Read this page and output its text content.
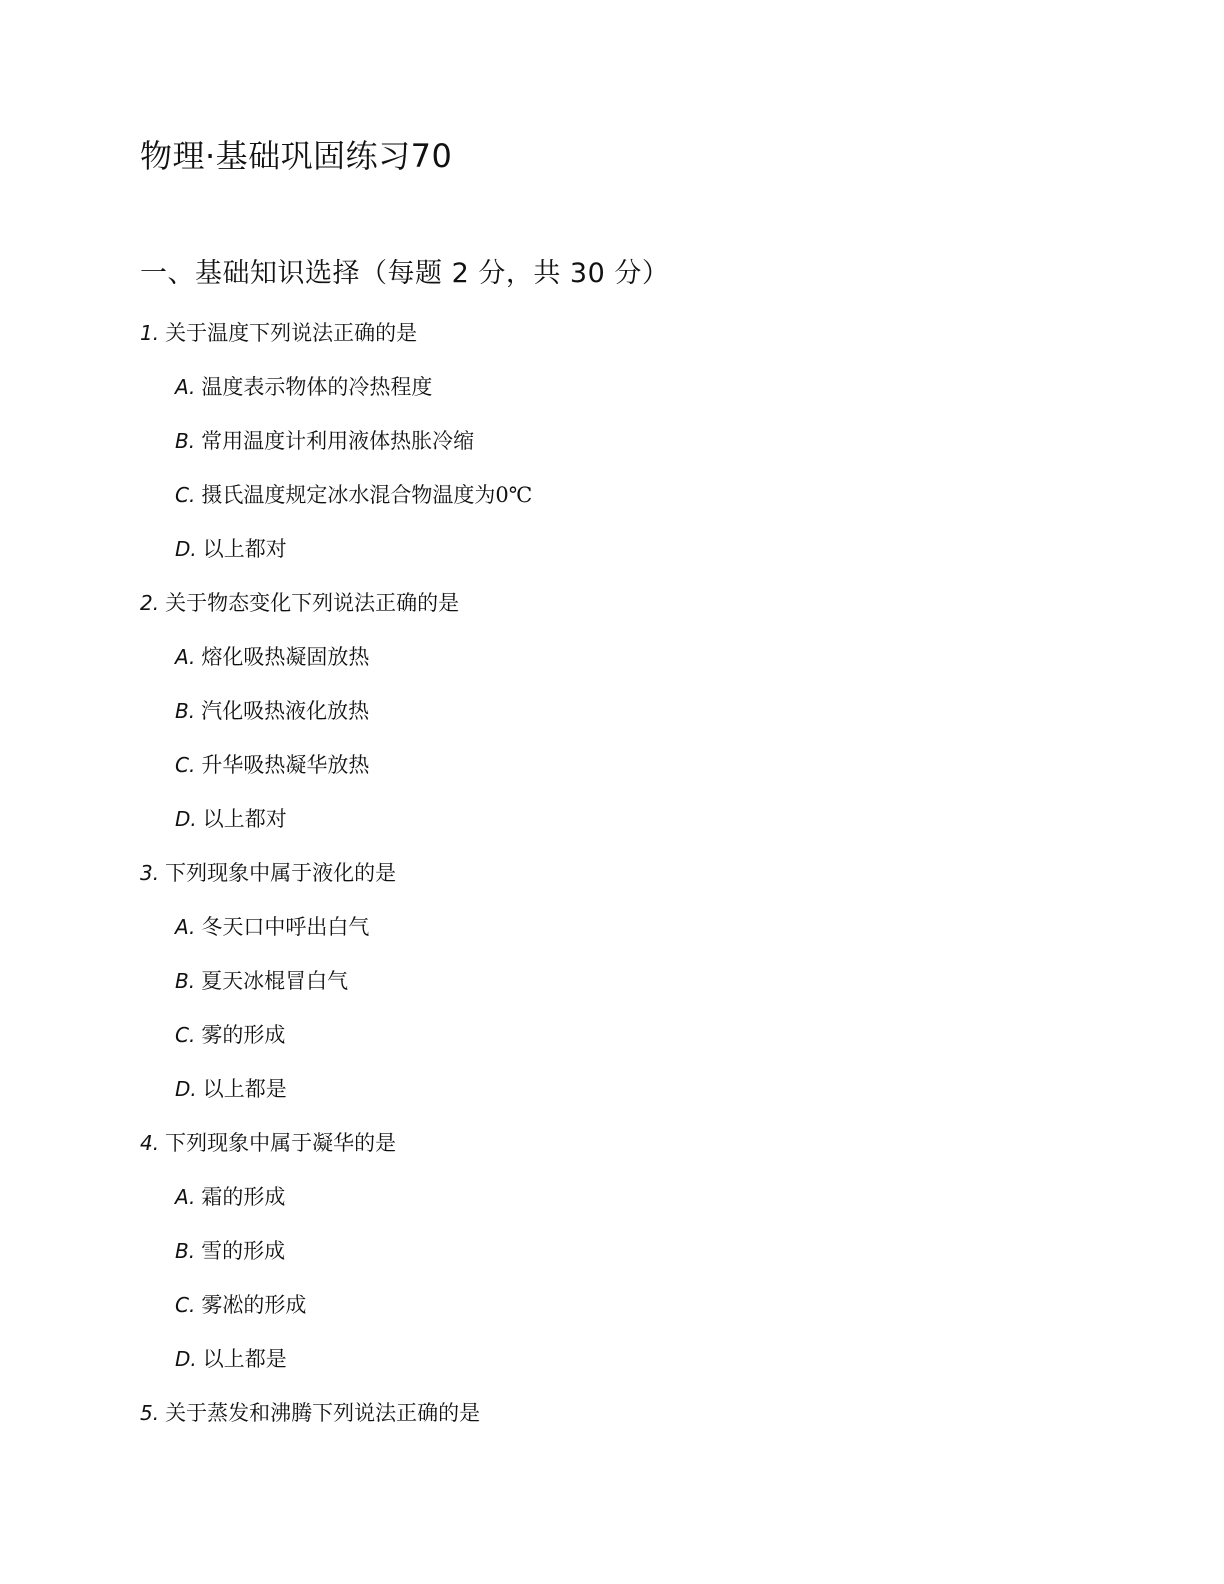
物理·基础巩固练习70
一、基础知识选择（每题 2 分，共 30 分）
1. 关于温度下列说法正确的是
A. 温度表示物体的冷热程度
B. 常用温度计利用液体热胀冷缩
C. 摄氏温度规定冰水混合物温度为0℃
D. 以上都对
2. 关于物态变化下列说法正确的是
A. 熔化吸热凝固放热
B. 汽化吸热液化放热
C. 升华吸热凝华放热
D. 以上都对
3. 下列现象中属于液化的是
A. 冬天口中呼出白气
B. 夏天冰棍冒白气
C. 雾的形成
D. 以上都是
4. 下列现象中属于凝华的是
A. 霜的形成
B. 雪的形成
C. 雾凇的形成
D. 以上都是
5. 关于蒸发和沸腾下列说法正确的是
